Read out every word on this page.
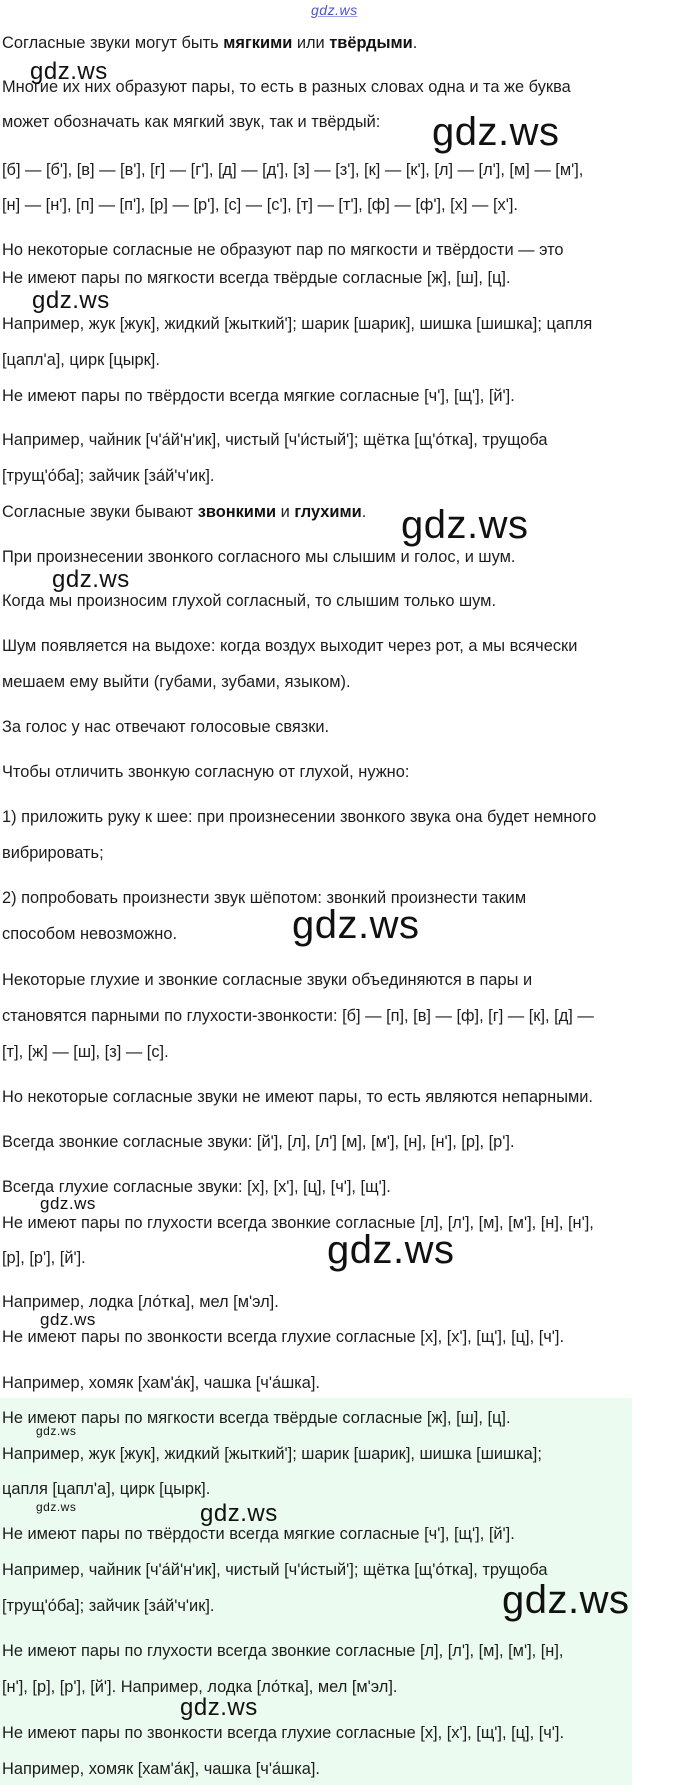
gdz.ws

Согласные звуки могут быть мягкими или твёрдыми.

Многие их них образуют пары, то есть в разных словах одна и та же буква

может обозначать как мягкий звук, так и твёрдый:

[б] — [б'], [в] — [в'], [г] — [г'], [д] — [д'], [з] — [з'], [к] — [к'], [л] — [л'], [м] — [м'],

[н] — [н'], [п] — [п'], [р] — [р'], [с] — [с'], [т] — [т'], [ф] — [ф'], [х] — [х'].

Но некоторые согласные не образуют пар по мягкости и твёрдости — это

Не имеют пары по мягкости всегда твёрдые согласные [ж], [ш], [ц].

Например, жук [жук], жидкий [жыткий']; шарик [шарик], шишка [шишка]; цапля

[цапл'а], цирк [цырк].

Не имеют пары по твёрдости всегда мягкие согласные [ч'], [щ'], [й'].

Например, чайник [ч'а́й'н'ик], чистый [ч'и́стый']; щётка [щ'о́тка], трущоба

[трущ'о́ба]; зайчик [за́й'ч'ик].

Согласные звуки бывают звонкими и глухими.

При произнесении звонкого согласного мы слышим и голос, и шум.

Когда мы произносим глухой согласный, то слышим только шум.

Шум появляется на выдохе: когда воздух выходит через рот, а мы всячески

мешаем ему выйти (губами, зубами, языком).

За голос у нас отвечают голосовые связки.

Чтобы отличить звонкую согласную от глухой, нужно:

1) приложить руку к шее: при произнесении звонкого звука она будет немного

вибрировать;

2) попробовать произнести звук шёпотом: звонкий произнести таким

способом невозможно.

Некоторые глухие и звонкие согласные звуки объединяются в пары и

становятся парными по глухости-звонкости: [б] — [п], [в] — [ф], [г] — [к], [д] —

[т], [ж] — [ш], [з] — [с].

Но некоторые согласные звуки не имеют пары, то есть являются непарными.

Всегда звонкие согласные звуки: [й'], [л], [л'] [м], [м'], [н], [н'], [р], [р'].

Всегда глухие согласные звуки: [х], [х'], [ц], [ч'], [щ'].

Не имеют пары по глухости всегда звонкие согласные [л], [л'], [м], [м'], [н], [н'],

[р], [р'], [й'].

Например, лодка [ло́тка], мел [м'эл].

Не имеют пары по звонкости всегда глухие согласные [х], [х'], [щ'], [ц], [ч'].

Например, хомяк [хам'а́к], чашка [ч'а́шка].

Не имеют пары по мягкости всегда твёрдые согласные [ж], [ш], [ц].

Например, жук [жук], жидкий [жыткий']; шарик [шарик], шишка [шишка];

цапля [цапл'а], цирк [цырк].

Не имеют пары по твёрдости всегда мягкие согласные [ч'], [щ'], [й'].

Например, чайник [ч'а́й'н'ик], чистый [ч'и́стый']; щётка [щ'о́тка], трущоба

[трущ'о́ба]; зайчик [за́й'ч'ик].

Не имеют пары по глухости всегда звонкие согласные [л], [л'], [м], [м'], [н],

[н'], [р], [р'], [й']. Например, лодка [ло́тка], мел [м'эл].

Не имеют пары по звонкости всегда глухие согласные [х], [х'], [щ'], [ц], [ч'].

Например, хомяк [хам'а́к], чашка [ч'а́шка].

gdz.ws
gdz.ws
gdz.ws
gdz.ws
gdz.ws
gdz.ws
gdz.ws
gdz.ws
gdz.ws
gdz.ws
gdz.ws	gdz.ws
gdz.ws
gdz.ws
